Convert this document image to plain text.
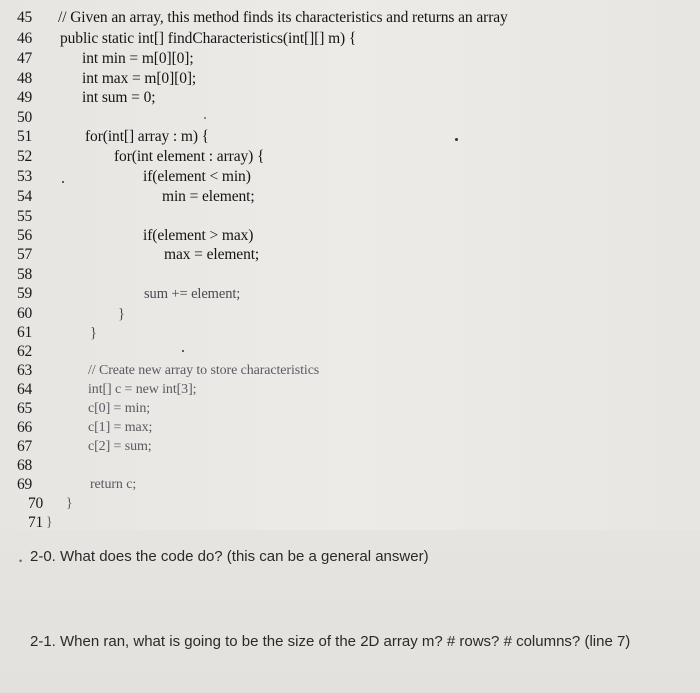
45 // Given an array, this method finds its characteristics and returns an array
46 public static int[] findCharacteristics(int[][] m) {
47	int min = m[0][0];
48	int max = m[0][0];
49	int sum = 0;
50
51	for(int[] array : m) {
52	for(int element : array) {
53	if(element < min)
54	min = element;
55
56	if(element > max)
57	max = element;
58
59	sum += element;
60	}
61	}
62
63	// Create new array to store characteristics
64	int[] c = new int[3];
65	c[0] = min;
66	c[1] = max;
67	c[2] = sum;
68
69	return c;
70 }
71 }
• 2-0. What does the code do? (this can be a general answer)
2-1. When ran, what is going to be the size of the 2D array m? # rows? # columns? (line 7)
